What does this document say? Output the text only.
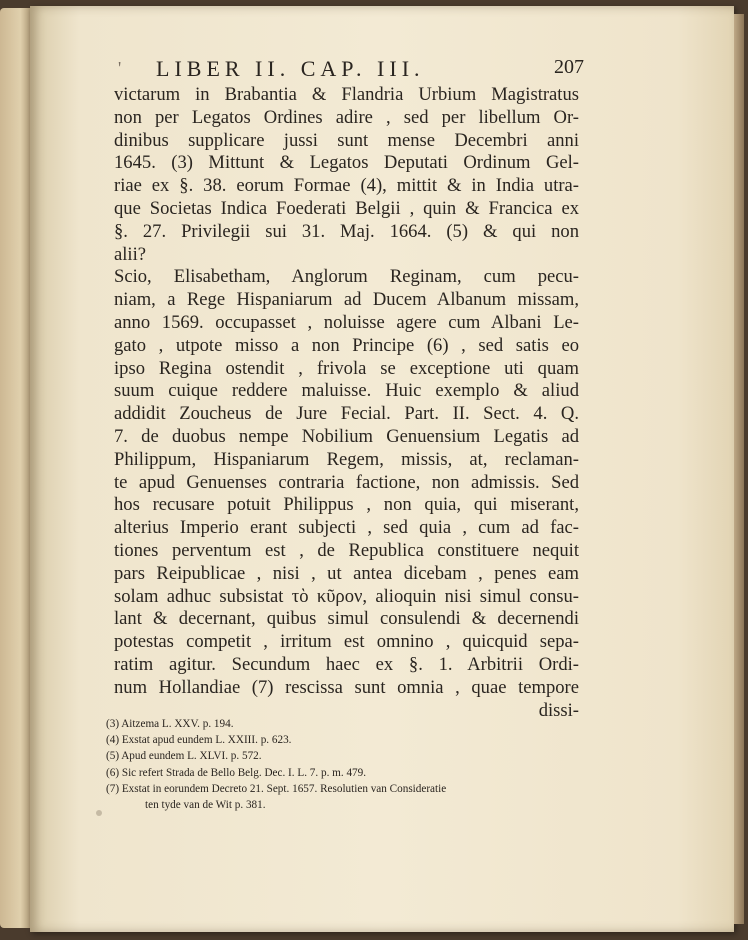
' LIBER II. CAP. III.	207
victarum in Brabantia & Flandria Urbium Magistratus
non per Legatos Ordines adire , sed per libellum Or-
dinibus supplicare jussi sunt mense Decembri anni
1645. (3) Mittunt & Legatos Deputati Ordinum Gel-
riae ex §. 38. eorum Formae (4), mittit & in India utra-
que Societas Indica Foederati Belgii , quin & Francica ex
§. 27. Privilegii sui 31. Maj. 1664. (5) & qui non
alii?
Scio, Elisabetham, Anglorum Reginam, cum pecu-
niam, a Rege Hispaniarum ad Ducem Albanum missam,
anno 1569. occupasset , noluisse agere cum Albani Le-
gato , utpote misso a non Principe (6) , sed satis eo
ipso Regina ostendit , frivola se exceptione uti quam
suum cuique reddere maluisse. Huic exemplo & aliud
addidit Zoucheus de Jure Fecial. Part. II. Sect. 4. Q.
7. de duobus nempe Nobilium Genuensium Legatis ad
Philippum, Hispaniarum Regem, missis, at, reclaman-
te apud Genuenses contraria factione, non admissis. Sed
hos recusare potuit Philippus , non quia, qui miserant,
alterius Imperio erant subjecti , sed quia , cum ad fac-
tiones perventum est , de Republica constituere nequit
pars Reipublicae , nisi , ut antea dicebam , penes eam
solam adhuc subsistat τὸ κῦρον, alioquin nisi simul consu-
lant & decernant, quibus simul consulendi & decernendi
potestas competit , irritum est omnino , quicquid sepa-
ratim agitur. Secundum haec ex §. 1. Arbitrii Ordi-
num Hollandiae (7) rescissa sunt omnia , quae tempore
dissi-
(3) Aitzema L. XXV. p. 194.
(4) Exstat apud eundem L. XXIII. p. 623.
(5) Apud eundem L. XLVI. p. 572.
(6) Sic refert Strada de Bello Belg. Dec. I. L. 7. p. m. 479.
(7) Exstat in eorundem Decreto 21. Sept. 1657. Resolutien van Consideratie
ten tyde van de Wit p. 381.
